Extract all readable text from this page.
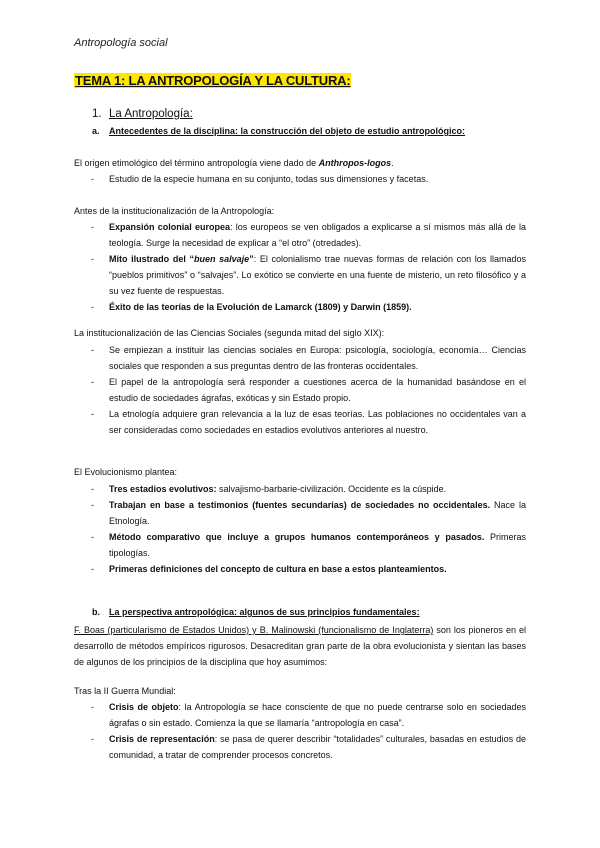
Antropología social
TEMA 1: LA ANTROPOLOGÍA Y LA CULTURA:
1. La Antropología:
a. Antecedentes de la disciplina: la construcción del objeto de estudio antropológico:
El origen etimológico del término antropología viene dado de Anthropos-logos.
- Estudio de la especie humana en su conjunto, todas sus dimensiones y facetas.
Antes de la institucionalización de la Antropología:
- Expansión colonial europea: los europeos se ven obligados a explicarse a sí mismos más allá de la teología. Surge la necesidad de explicar a “el otro” (otredades).
- Mito ilustrado del “buen salvaje”: El colonialismo trae nuevas formas de relación con los llamados “pueblos primitivos” o “salvajes”. Lo exótico se convierte en una fuente de misterio, un reto filosófico y a su vez fuente de respuestas.
- Éxito de las teorías de la Evolución de Lamarck (1809) y Darwin (1859).
La institucionalización de las Ciencias Sociales (segunda mitad del siglo XIX):
- Se empiezan a instituir las ciencias sociales en Europa: psicología, sociología, economía… Ciencias sociales que responden a sus preguntas dentro de las fronteras occidentales.
- El papel de la antropología será responder a cuestiones acerca de la humanidad basándose en el estudio de sociedades ágrafas, exóticas y sin Estado propio.
- La etnología adquiere gran relevancia a la luz de esas teorías. Las poblaciones no occidentales van a ser consideradas como sociedades en estadios evolutivos anteriores al nuestro.
El Evolucionismo plantea:
- Tres estadios evolutivos: salvajismo-barbarie-civilización. Occidente es la cúspide.
- Trabajan en base a testimonios (fuentes secundarias) de sociedades no occidentales. Nace la Etnología.
- Método comparativo que incluye a grupos humanos contemporáneos y pasados. Primeras tipologías.
- Primeras definiciones del concepto de cultura en base a estos planteamientos.
b. La perspectiva antropológica: algunos de sus principios fundamentales:
F. Boas (particularismo de Estados Unidos) y B. Malinowski (funcionalismo de Inglaterra) son los pioneros en el desarrollo de métodos empíricos rigurosos. Desacreditan gran parte de la obra evolucionista y sientan las bases de algunos de los principios de la disciplina que hoy asumimos:
Tras la II Guerra Mundial:
- Crisis de objeto: la Antropología se hace consciente de que no puede centrarse solo en sociedades ágrafas o sin estado. Comienza la que se llamaría “antropología en casa”.
- Crisis de representación: se pasa de querer describir “totalidades” culturales, basadas en estudios de comunidad, a tratar de comprender procesos concretos.
